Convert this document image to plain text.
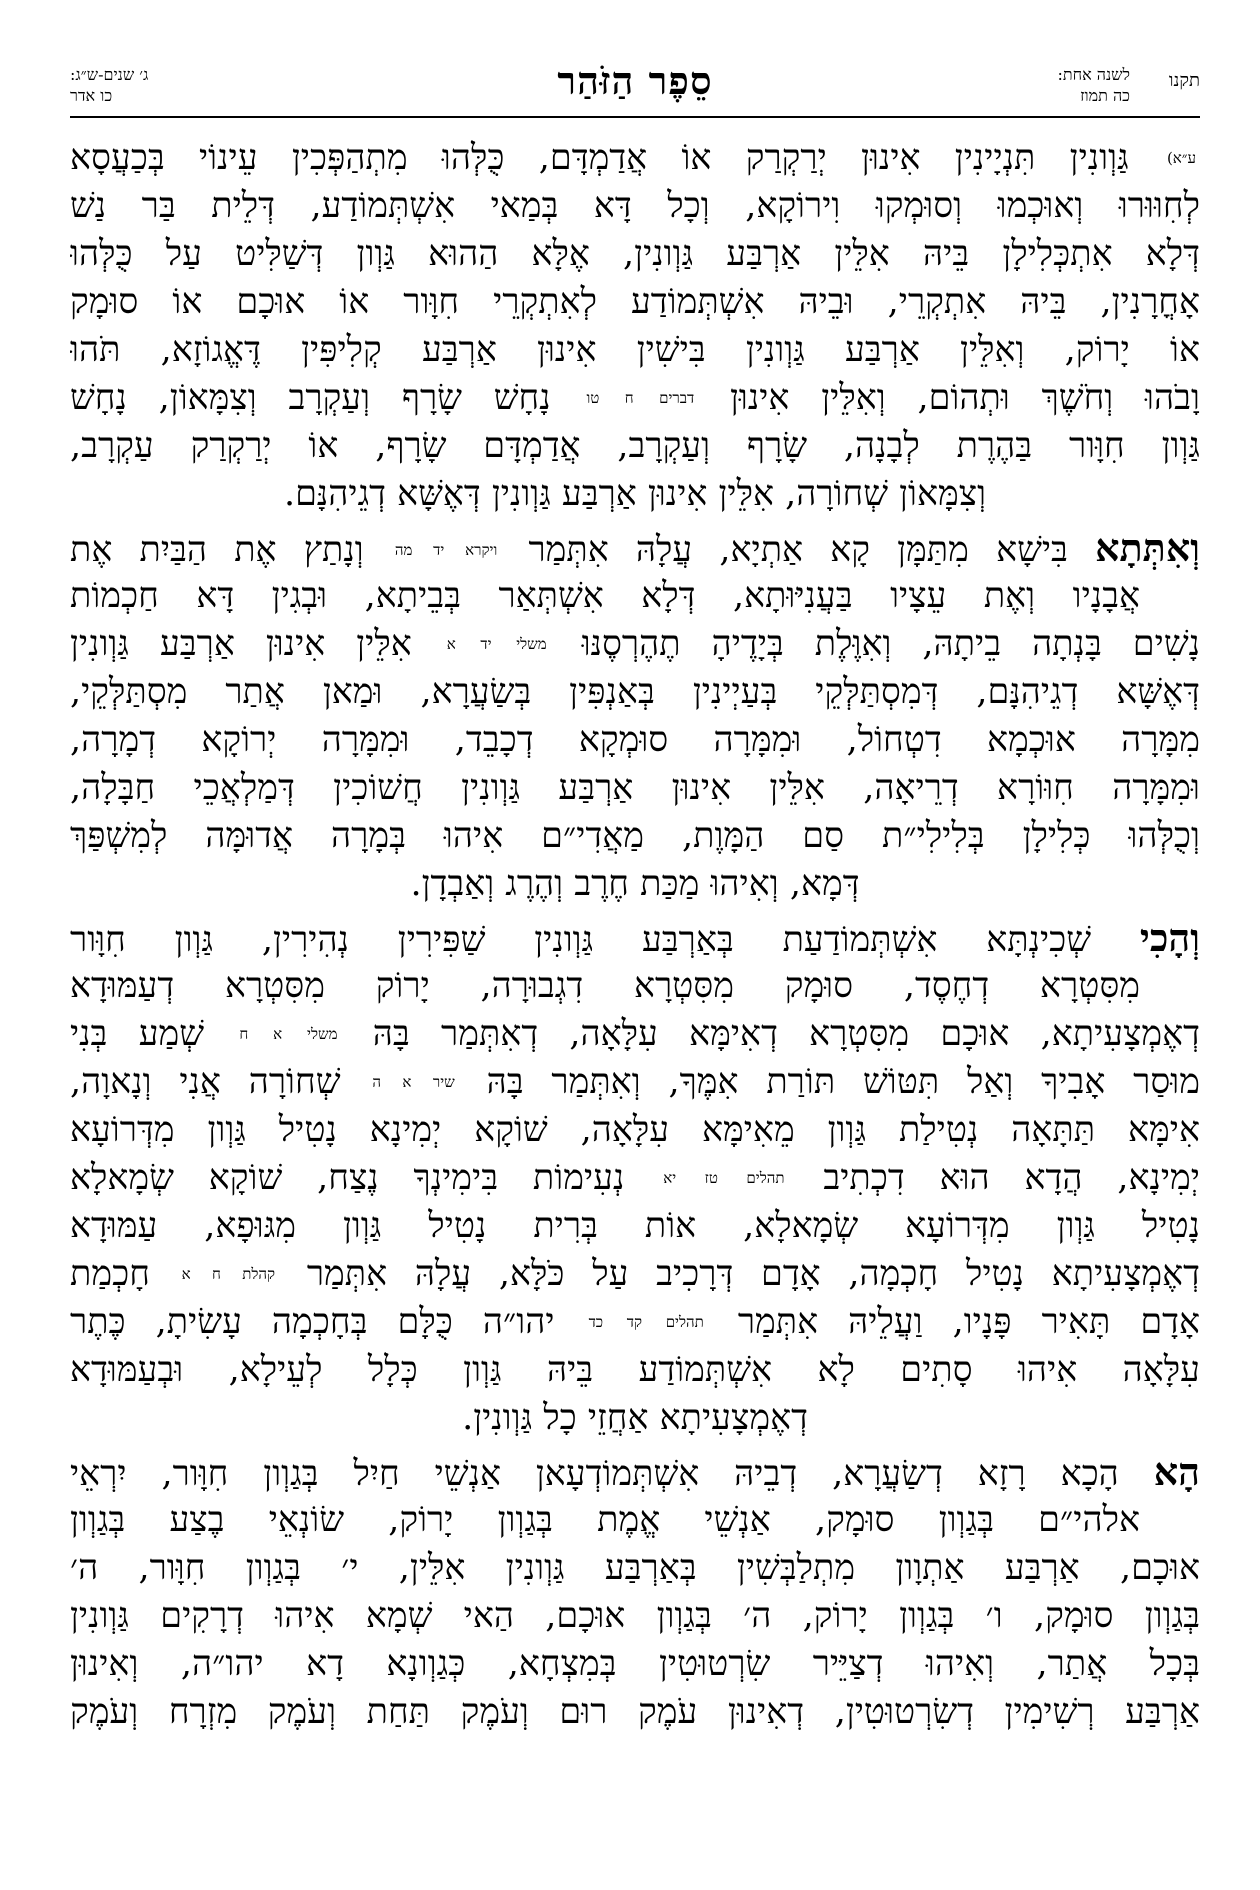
תקנו
לשנה אחת:
כה תמוז
סֵפֶר הַזֹּהַר
ג׳ שנים-ש״ג:
כו אדר
ע״א) גַּוְונִין תִּנְיָינִין אִינוּן יְרַקְרַק אוֹ אֲדַמְדָּם, כֻּלְּהוּ מִתְהַפְּכִין עֵינוֹי בְּכַעֲסָא
לְחִוּוּרוּ וְאוּכְמוּ וְסוּמְקוּ וִירוֹקָא, וְכָל דָּא בְּמַאי אִשְׁתְּמוֹדַע, דְּלֵית בַּר נַשׁ
דְּלָא אִתְכְּלִילָן בֵּיהּ אִלֵּין אַרְבַּע גַּוְונִין, אֶלָּא הַהוּא גַּוְון דְּשַׁלִּיט עַל כֻּלְּהוּ
אָחֳרָנִין, בֵּיהּ אִתְקְרֵי, וּבֵיהּ אִשְׁתְּמוֹדַע לְאִתְקְרֵי חִוָּור אוֹ אוּכָם אוֹ סוּמָק
אוֹ יָרוֹק, וְאִלֵּין אַרְבַּע גַּוְונִין בִּישִׁין אִינוּן אַרְבַּע קְלִיפִּין דֶּאֱגוֹזָא, תֹּהוּ
וָבֹהוּ וְחֹשֶׁךְ וּתְהוֹם, וְאִלֵּין אִינוּן דברים ח טו נָחָשׁ שָׂרָף וְעַקְרָב וְצִמָּאוֹן, נָחָשׁ
גַּוְון חִוָּור בַּהֶרֶת לְבָנָה, שָׂרָף וְעַקְרָב, אֲדַמְדָּם שָׂרָף, אוֹ יְרַקְרַק עַקְרָב,
וְצִמָּאוֹן שְׁחוֹרָה, אִלֵּין אִינוּן אַרְבַּע גַּוְונִין דְּאֶשָּׁא דְגֵיהִנָּם.
וְאִתְּתָא בִּישָׁא מִתַּמָּן קָא אַתְיָא, עֲלָהּ אִתְּמַר ויקרא יד מה וְנָתַץ אֶת הַבַּיִת אֶת
אֲבָנָיו וְאֶת עֵצָיו בַּעֲנִיּוּתָא, דְּלָא אִשְׁתְּאַר בְּבֵיתָא, וּבְגִין דָּא חַכְמוֹת
נָשִׁים בָּנְתָה בֵיתָהּ, וְאִוֶּלֶת בְּיָדֶיהָ תֶהֶרְסֶנּוּ משלי יד א אִלֵּין אִינוּן אַרְבַּע גַּוְונִין
דְּאֶשָּׁא דְגֵיהִנָּם, דְּמִסְתַּלְּקֵי בְּעַיְינִין בְּאַנְפִּין בְּשַׂעֲרָא, וּמַאן אֲתַר מִסְתַּלְּקֵי,
מִמָּרָה אוּכְמָא דִטְחוֹל, וּמִמָּרָה סוּמְקָא דְכָבֵד, וּמִמָּרָה יְרוֹקָא דְמָרָה,
וּמִמָּרָה חִוּוֹרָא דְרֵיאָה, אִלֵּין אִינוּן אַרְבַּע גַּוְונִין חֲשׁוֹכִין דְּמַלְאֲכֵי חַבָּלָה,
וְכֻלְּהוּ כְּלִילָן בְּלִילִי״ת סַם הַמָּוֶת, מַאֲדִי״ם אִיהוּ בְּמָרָה אֲדוּמָּה לְמִשְׁפַּךְ
דְּמָא, וְאִיהוּ מַכַּת חֶרֶב וְהֶרֶג וְאַבְדָן.
וְהָכִי שְׁכִינְתָּא אִשְׁתְּמוֹדַעַת בְּאַרְבַּע גַּוְונִין שַׁפִּירִין נְהִירִין, גַּוְון חִוָּור
מִסִּטְרָא דְחֶסֶד, סוּמָק מִסִּטְרָא דִגְבוּרָה, יָרוֹק מִסִּטְרָא דְעַמּוּדָא
דְאֶמְצָעִיתָא, אוּכָם מִסִּטְרָא דְאִימָּא עִלָּאָה, דְאִתְּמַר בָּהּ משלי א ח שְׁמַע בְּנִי
מוּסַר אָבִיךָ וְאַל תִּטּוֹשׁ תּוֹרַת אִמֶּךָ, וְאִתְּמַר בָּהּ שיר א ה שְׁחוֹרָה אֲנִי וְנָאוָה,
אִימָּא תַּתָּאָה נְטִילַת גַּוְון מֵאִימָּא עִלָּאָה, שׁוֹקָא יְמִינָא נָטִיל גַּוְון מִדְּרוֹעָא
יְמִינָא, הֲדָא הוּא דִכְתִיב תהלים טז יא נְעִימוֹת בִּימִינְךָ נֶצַח, שׁוֹקָא שְׂמָאלָא
נָטִיל גַּוְון מִדְּרוֹעָא שְׂמָאלָא, אוֹת בְּרִית נָטִיל גַּוְון מִגּוּפָא, עַמּוּדָא
דְאֶמְצָעִיתָא נָטִיל חָכְמָה, אָדָם דְּרָכִיב עַל כֹּלָּא, עֲלָהּ אִתְּמַר קהלת ח א חָכְמַת
אָדָם תָּאִיר פָּנָיו, וַעֲלֵיהּ אִתְּמַר תהלים קד כד יהו״ה כֻּלָּם בְּחָכְמָה עָשִׂיתָ, כֶּתֶר
עִלָּאָה אִיהוּ סָתִים לָא אִשְׁתְּמוֹדַע בֵּיהּ גַּוְון כְּלָל לְעֵילָא, וּבְעַמּוּדָא
דְאֶמְצָעִיתָא אַחֲזֵי כָל גַּוְונִין.
הָא הָכָא רָזָא דְשַׂעֲרָא, דְבֵיהּ אִשְׁתְּמוֹדְעָאן אַנְשֵׁי חַיִל בְּגַוְון חִוָּור, יִרְאֵי
אלהי״ם בְּגַוְון סוּמָק, אַנְשֵׁי אֱמֶת בְּגַוְון יָרוֹק, שׂוֹנְאֵי בֶצַע בְּגַוְון
אוּכָם, אַרְבַּע אַתְוָון מִתְלַבְּשִׁין בְּאַרְבַּע גַּוְונִין אִלֵּין, י׳ בְּגַוְון חִוָּור, ה׳
בְּגַוְון סוּמָק, ו׳ בְּגַוְון יָרוֹק, ה׳ בְּגַוְון אוּכָם, הַאי שְׁמָא אִיהוּ דְרָקִים גַּוְונִין
בְּכָל אֲתַר, וְאִיהוּ דְצַיֵּיר שִׂרְטוּטִין בְּמִצְחָא, כְּגַוְונָא דָא יהו״ה, וְאִינוּן
אַרְבַּע רְשִׁימִין דְשִׂרְטוּטִין, דְאִינוּן עֹמֶק רוּם וְעֹמֶק תַּחַת וְעֹמֶק מִזְרָח וְעֹמֶק
